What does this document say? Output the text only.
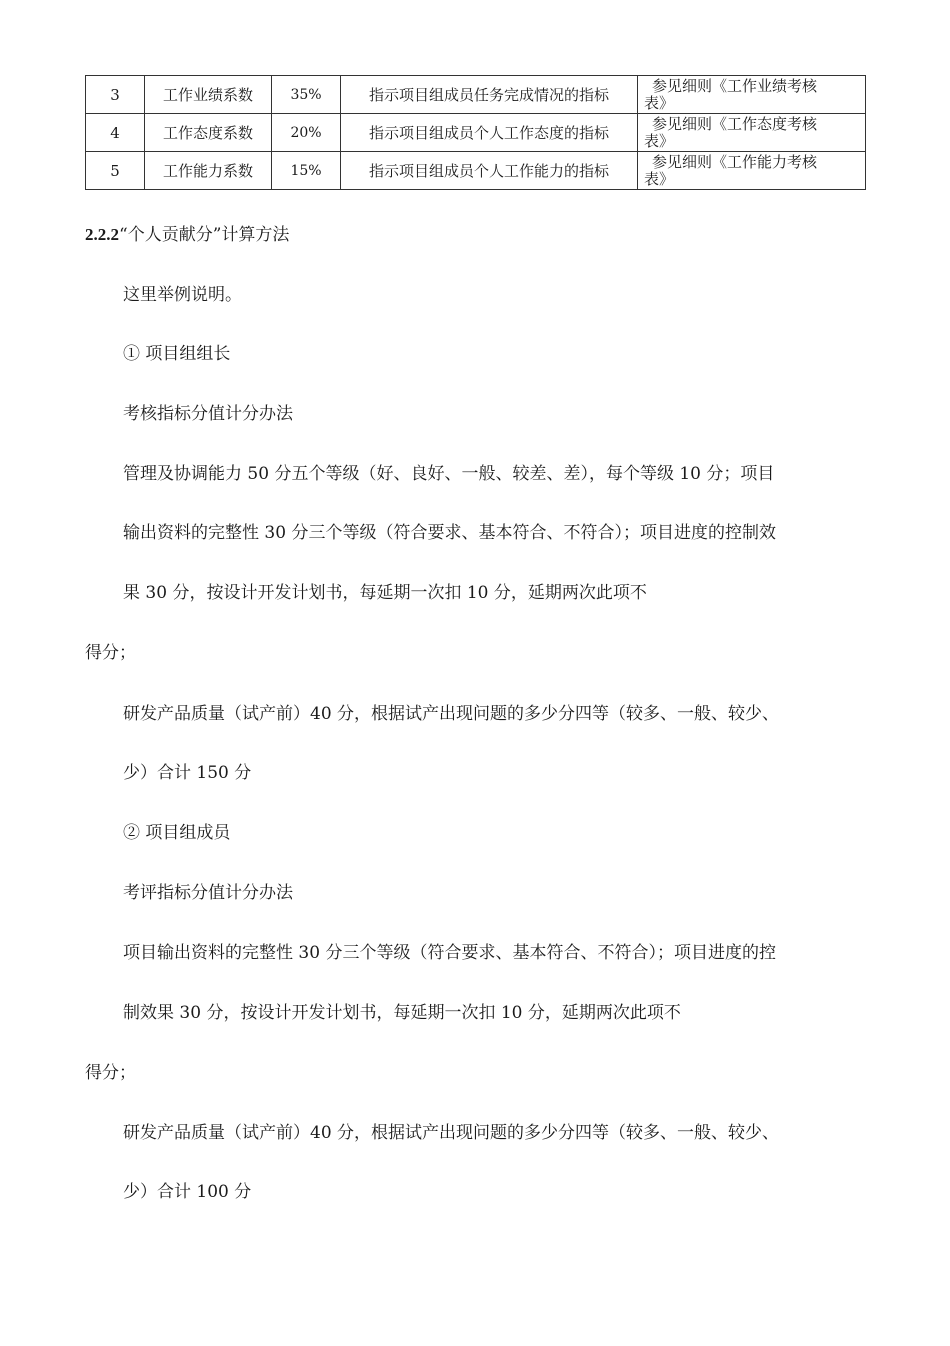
3	工作业绩系数	35%	指示项目组成员任务完成情况的指标	参见细则《工作业绩考核
表》

4	工作态度系数	20%	指示项目组成员个人工作态度的指标	参见细则《工作态度考核
表》

5	工作能力系数	15%	指示项目组成员个人工作能力的指标	参见细则《工作能力考核
表》
2.2.2“个人贡献分”计算方法
这里举例说明。
① 项目组组长
考核指标分值计分办法
管理及协调能力 50 分五个等级（好、良好、一般、较差、差），每个等级 10 分；项目
输出资料的完整性 30 分三个等级（符合要求、基本符合、不符合）；项目进度的控制效
果 30 分，按设计开发计划书，每延期一次扣 10 分，延期两次此项不
得分；
研发产品质量（试产前）40 分，根据试产出现问题的多少分四等（较多、一般、较少、
少）合计 150 分
② 项目组成员
考评指标分值计分办法
项目输出资料的完整性 30 分三个等级（符合要求、基本符合、不符合）；项目进度的控
制效果 30 分，按设计开发计划书，每延期一次扣 10 分，延期两次此项不
得分；
研发产品质量（试产前）40 分，根据试产出现问题的多少分四等（较多、一般、较少、
少）合计 100 分
